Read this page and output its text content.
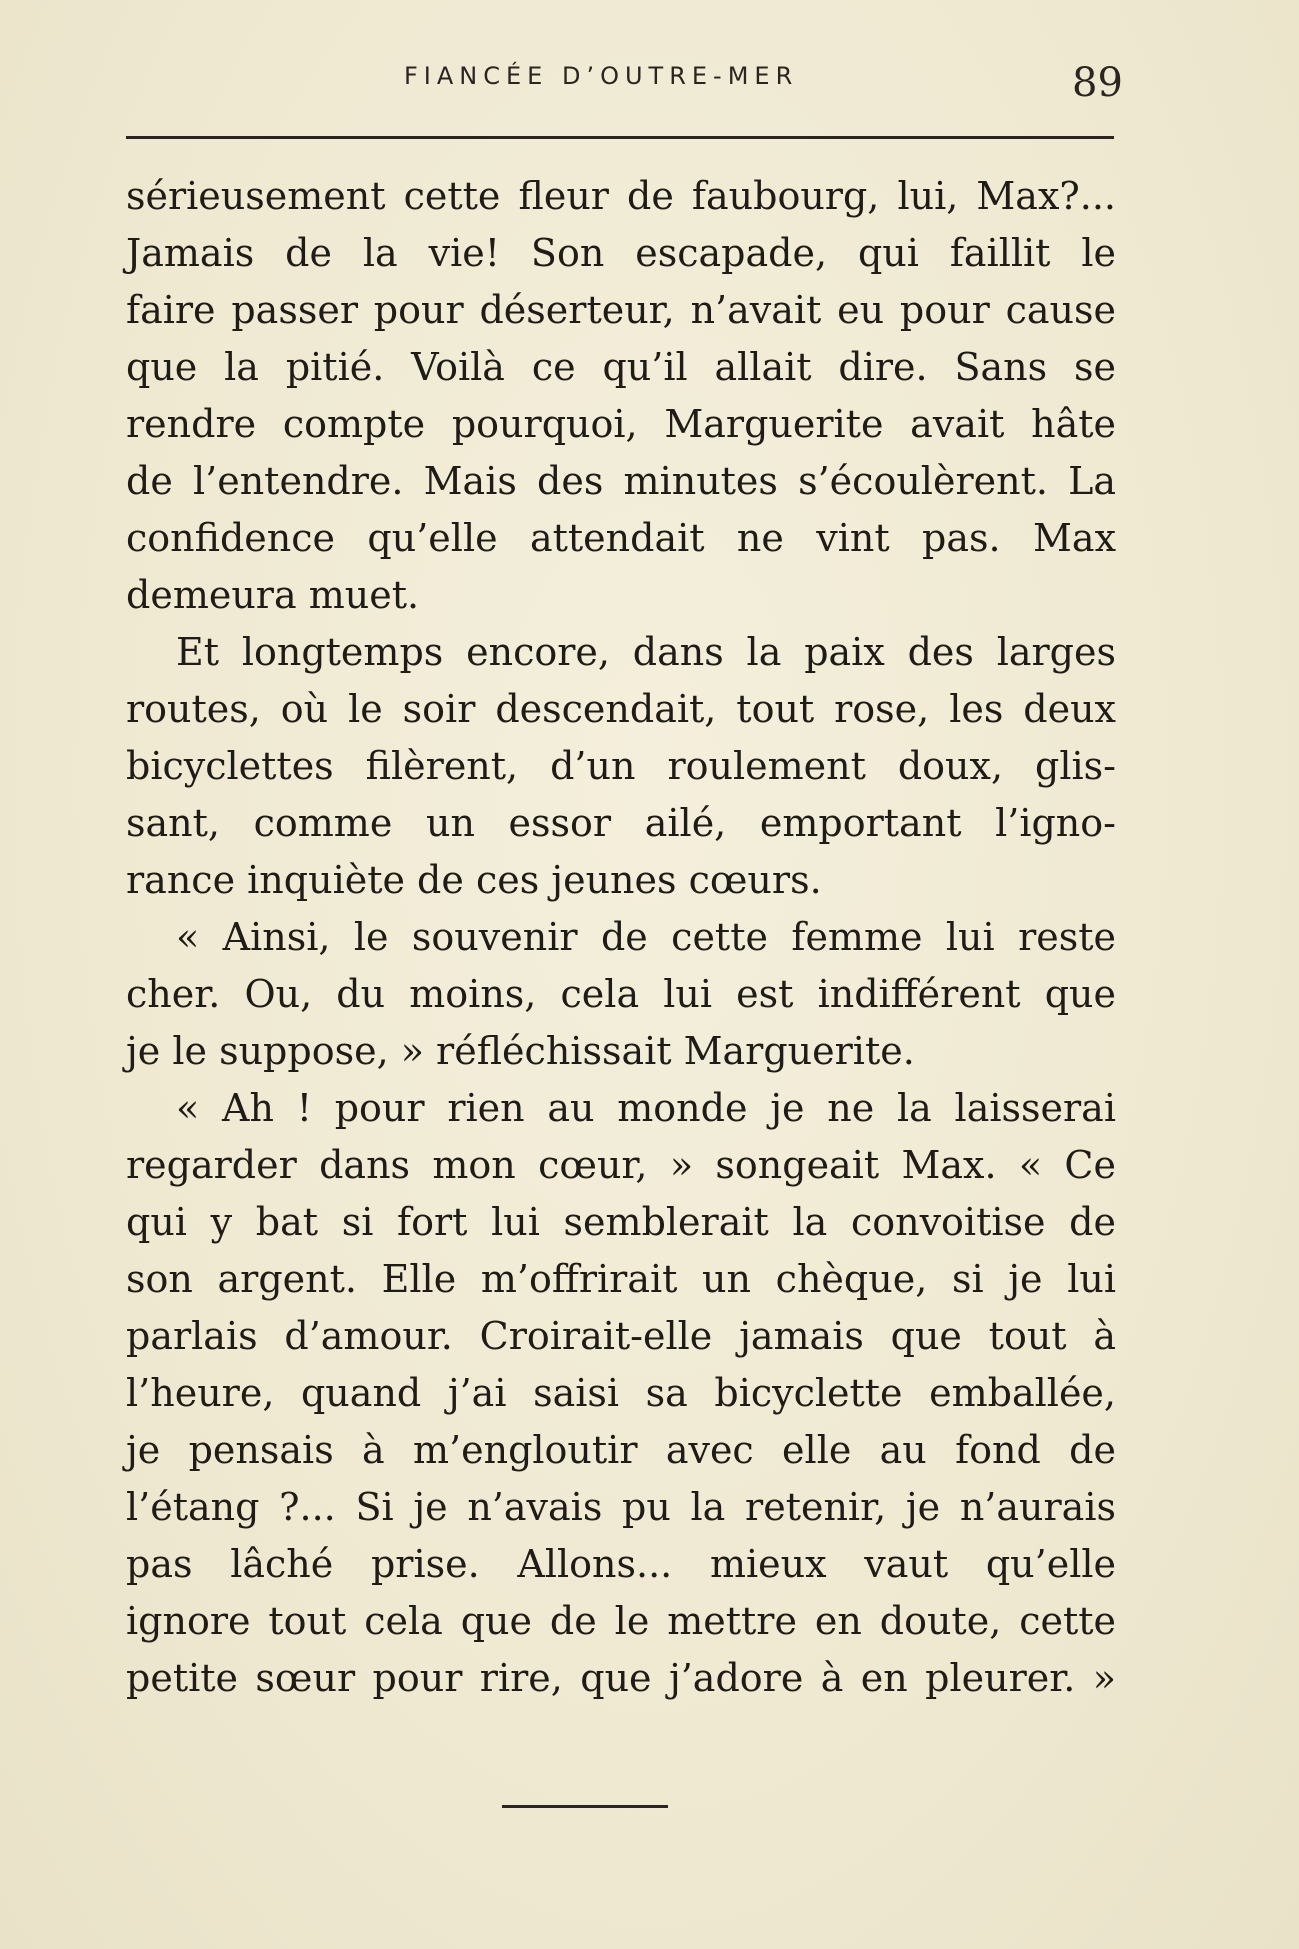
FIANCÉE D’OUTRE-MER	89
sérieusement cette fleur de faubourg, lui, Max?...
Jamais de la vie! Son escapade, qui faillit le
faire passer pour déserteur, n’avait eu pour cause
que la pitié. Voilà ce qu’il allait dire. Sans se
rendre compte pourquoi, Marguerite avait hâte
de l’entendre. Mais des minutes s’écoulèrent. La
confidence qu’elle attendait ne vint pas. Max
demeura muet.
Et longtemps encore, dans la paix des larges
routes, où le soir descendait, tout rose, les deux
bicyclettes filèrent, d’un roulement doux, glis-
sant, comme un essor ailé, emportant l’igno-
rance inquiète de ces jeunes cœurs.
« Ainsi, le souvenir de cette femme lui reste
cher. Ou, du moins, cela lui est indifférent que
je le suppose, » réfléchissait Marguerite.
« Ah ! pour rien au monde je ne la laisserai
regarder dans mon cœur, » songeait Max. « Ce
qui y bat si fort lui semblerait la convoitise de
son argent. Elle m’offrirait un chèque, si je lui
parlais d’amour. Croirait-elle jamais que tout à
l’heure, quand j’ai saisi sa bicyclette emballée,
je pensais à m’engloutir avec elle au fond de
l’étang ?... Si je n’avais pu la retenir, je n’aurais
pas lâché prise. Allons... mieux vaut qu’elle
ignore tout cela que de le mettre en doute, cette
petite sœur pour rire, que j’adore à en pleurer. »
